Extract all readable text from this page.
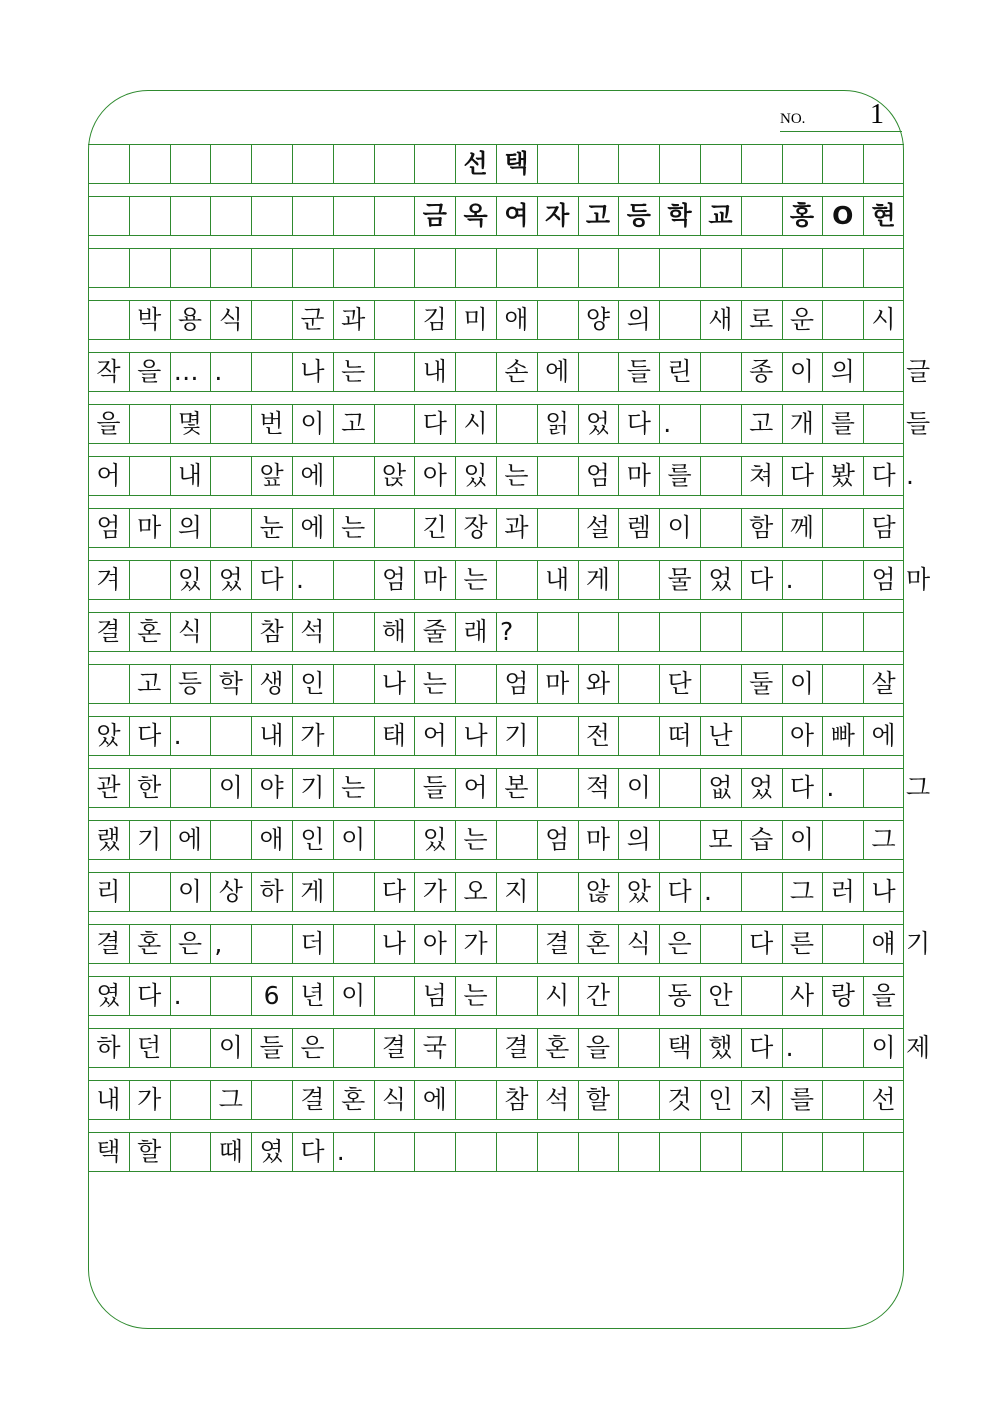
NO. 1
선 택
금 옥 여 자 고 등 학 교	홍 O 현
박 용 식	군 과	김 미 애	양 의	새 로 운	시
작 을 … .	나 는	내	손 에	들 린	종 이 의	글
을	몇	번 이 고	다 시	읽 었 다 .	고 개 를	들
어	내	앞 에	앉 아 있 는	엄 마 를	쳐 다 봤 다 .
엄 마 의	눈 에 는	긴 장 과	설 렘 이	함 께	담
겨	있 었 다 .	엄 마 는	내 게	물 었 다 .	엄 마
결 혼 식	참 석	해 줄 래 ?
고 등 학 생 인	나 는	엄 마 와	단	둘 이	살
았 다 .	내 가	태 어 나 기	전	떠 난	아 빠 에
관 한	이 야 기 는	들 어 본	적 이	없 었 다 .	그
랬 기 에	애 인 이	있 는	엄 마 의	모 습 이	그
리	이 상 하 게	다 가 오 지	않 았 다 .	그 러 나
결 혼 은 ,	더	나 아 가	결 혼 식 은	다 른	얘 기
였 다 .	6 년 이	넘 는	시 간	동 안	사 랑 을
하 던	이 들 은	결 국	결 혼 을	택 했 다 .	이 제
내 가	그	결 혼 식 에	참 석 할	것 인 지 를	선
택 할	때 였 다 .
